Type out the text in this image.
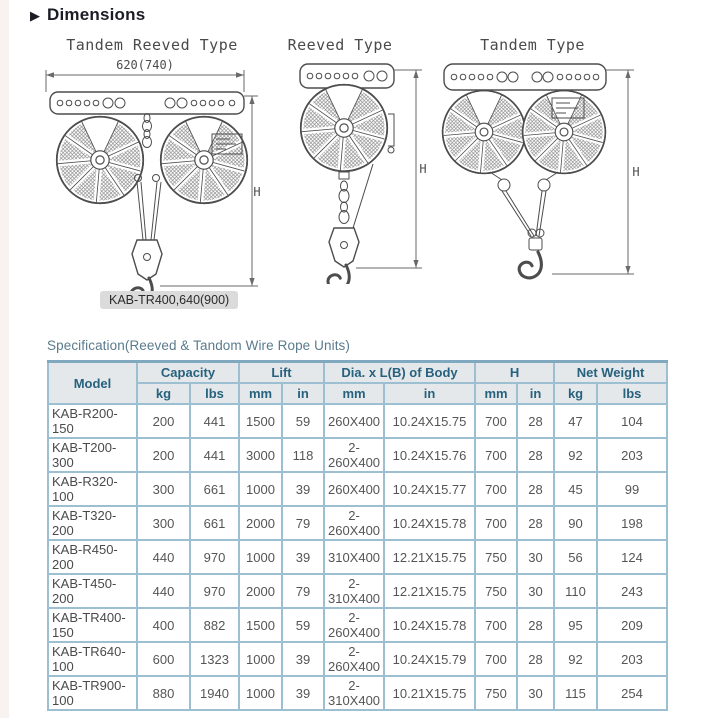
▶ Dimensions
Tandem Reeved Type	Reeved Type	Tandem Type
620(740)
H
H	H
KAB-TR400,640(900)
Specification(Reeved & Tandom Wire Rope Units)
Model	Capacity		Lift		Dia. x L(B) of Body		H		Net Weight	
	kg	lbs	mm	in	mm	in	mm	in	kg	lbs
KAB-R200-150	200	441	1500	59	260X400	10.24X15.75	700	28	47	104
KAB-T200-300	200	441	3000	118	2-260X400	10.24X15.76	700	28	92	203
KAB-R320-100	300	661	1000	39	260X400	10.24X15.77	700	28	45	99
KAB-T320-200	300	661	2000	79	2-260X400	10.24X15.78	700	28	90	198
KAB-R450-200	440	970	1000	39	310X400	12.21X15.75	750	30	56	124
KAB-T450-200	440	970	2000	79	2-310X400	12.21X15.75	750	30	110	243
KAB-TR400-150	400	882	1500	59	2-260X400	10.24X15.78	700	28	95	209
KAB-TR640-100	600	1323	1000	39	2-260X400	10.24X15.79	700	28	92	203
KAB-TR900-100	880	1940	1000	39	2-310X400	10.21X15.75	750	30	115	254
